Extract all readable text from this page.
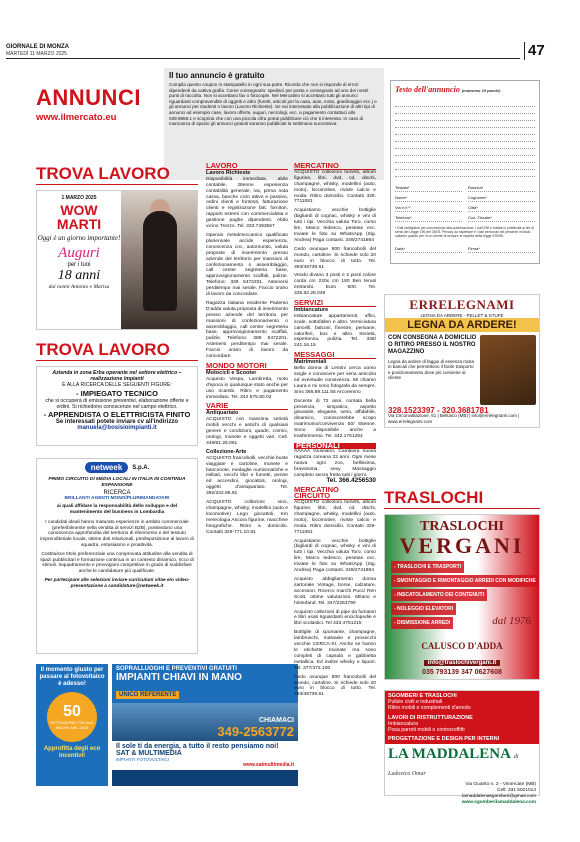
GIORNALE DI MONZA
MARTEDÌ 11 MARZO 2025	47
ANNUNCI
www.ilmercato.eu
Il tuo annuncio è gratuito

Compila questo coupon in stampatello in ogni sua parte. Ricorda che non si risponde di errori dipendenti da cattiva grafia. Come consegnarlo: spedisci per posta o consegnalo ad uno dei nostri punti di raccolta. Non si accettano fax o fotocopie. Nel Mercatino si accettano tutti gli annunci riguardanti compravendite di oggetti e altro (furetti, articoli per la casa, auto, moto, giardinaggio ecc.) e gli annunci per studenti o lavoro (Lavoro Richieste). Se vai interessato alla pubblicazione di altri tipi di annunci ad esempio case, lavoro offerte, auguri, necrologi, ecc. a pagamento contattaci allo 039.9969.1 e scoprirai che con una piccola cifra potrai pubblicare ciò che ti interessa. In caso di mancanza di spazio gli annunci gratuiti saranno pubblicati la settimana successiva.

Testo dell'annuncio (massimo 20 parole)
Testata*	Rubrica*
Nome*	Cognome*
Via e n°*	Città*
Telefono*	Cod. Fiscale*
* Dati obbligatori per concessione alla pubblicazione. I dati ENI e trattati in pubblicità ai fini di sensi dei Legge 196 del 03/03. Privacy da rispettare e i dati personali nel presente modulo soltanto quanto per in un utente di sempre al rispetto della legge 675/96.
Data*	Firma*
TROVA LAVORO
1 MARZO 2025
WOW MARTI
Oggi è un giorno importante!
Auguri
per i tuoi
18 anni
dai nonni Antonio e Marisa
TROVA LAVORO

Azienda in zona Erba operante nel settore elettrico – realizzazione impianti

È ALLA RICERCA DELLE SEGUENTI FIGURE:

- IMPIEGATO TECNICO

che si occuperà di emissione preventivi, elaborazione offerte e ordini. Si richiedono conoscenze nel campo elettrico.

- APPRENDISTA O ELETTRICISTA FINITO

Se interessati potete inviare cv all'indirizzo

manuela@bosisioimpianti.it

netweek	S.p.A.

PRIMO CIRCUITO DI MEDIA LOCALI IN ITALIA IN CONTINUA ESPANSIONE

RICERCA

BRILLANTI AGENTI MONO/PLURIMANDATARI

ai quali affidare la responsabilità dello sviluppo e del mantenimento del business in Lombardia

I candidati ideali hanno maturato esperienze in ambito commerciale (preferibilmente nella vendita di servizi B2B), possiedono una conoscenza approfondita del territorio di riferimento e del tessuto imprenditoriale locale, ottime doti relazionali, predisposizione al lavoro di squadra, entusiasmo e proattività.

Costituisce titolo preferenziale una comprovata attitudine alla vendita di spazi pubblicitari e formazione continua in un contesto dinamico, ricco di stimoli. Inquadramento e provvigioni competitive in grado di soddisfare anche le candidature più qualificate.

Per partecipare alle selezioni inviare curriculum vitae e/o video-presentazione a candidature@netweek.it

Il momento giusto per passare al fotovoltaico è adesso!
50
DETRAZIONE FISCALE ANCHE NEL 2025
Approfitta degli eco incentivi!
SOPRALLUOGHI E PREVENTIVI GRATUITI
IMPIANTI CHIAVI IN MANO
UNICO REFERENTE
CHIAMACI
349-2563772
Il sole ti da energia, a tutto il resto pensiamo noi!
SAT & MULTIMEDIA
IMPIANTI FOTOVOLTAICI
www.satmultimedia.it
LAVORO
Lavoro Richieste

Disponibilità immediata, abile contabile, 28enne esperienza contabilità generale, iva, prima nota cassa, banche ciclo attivo e passivo, ordini clienti e fornitori, fatturazione clienti e registrazione fatt. fornitori, rapporti esterni con commercialista e gestione paghe dipendenti. Abito vicino Trezzo. Tel. 333.7493567

Operaio metalmeccanico qualificato pluriennale accide esperienza, conoscenza cnc, automunito, valuta proposte di inserimento presso aziende del territorio per mansioni di confezionamento o assemblaggio, call center segreteria base, approvvigionamento scaffali, pulizie. Telefono: 339 5472201. Astenersi perditempo mai serale. Faccio orario di lavoro da concordare.

Ragazza italiana residente Pademo D'adda valuta proposta di inserimento presso aziende del territorio per mansioni di confezionamento o assemblaggio, call center segreteria base, approvvigionamento scaffali, pulizie. Telefono: 389 5472201. Astenersi perditempo mai serale. Faccio orario di lavoro da concordare.

MONDO MOTORI
Motocicli e Scooter

Acquisto Vespa, Lambretta, moto d'epoca in qualunque stato anche per uso ricambi. Ritiro e pagamento immediato. Tel. 342 575.80.02

VARIE
Antiquariato

ACQUISTO con massima serietà mobili vecchi e antichi di qualsiasi genere e condizioni, quadri, cornici, orologi, monete e oggetti vari. Cell. 349/61.25.061

Collezione-Arte

ACQUISTO francobolli, vecchie buste viaggiate e cartoline, monete e banconote, medaglie numismatiche e militari, vecchi libri e fumetti, penne ed accendini, giocattoli, orologi, oggetti d'antiquariato. Tel. 392/342.95.91

ACQUISTO collezioni vino, champagne, whisky, modellini (auto e locomotive) Lego giocattoli, Km mereologia Ancora figurine, macchine fotografiche. Ritiro a domicilio. Contatti 329-771.10.81

MERCATINO

ACQUISTO collezioni fumetti, album figurine, libri, dvd, cd, dischi, champagne, whisky, modellini (auto, moto), locomotive, riviste calcio e moda. Ritiro domicilio. Contatti 329. 7711081

Acquistiamo vecchie bottiglie (bigliardi di cognac, whisky e vini di tutti i tipi. Vecchia valuta Toro, corso lire, Marco tedesco, pesetas ecc. Inviate le foto su WhatsApp (Sig. Andrea) Paga contanti. 349/2741864

Cedo ovunque 800 francobolli del mondo, cartoline. Si richiede solo 20 euro in blocco di tutto. Tel. 393/48739.61

Vendo divano 3 posti e 2 posti colore corda cm 220x cm 180 Ben tenuti entrambi. Euro 600. Tel. 335.82.26.049

SERVIZI
Imbiancature

Imbiancature appartamenti, uffici, scale, sottofalleri e altro. Verniciatura cancelli, balconi, finestre, persiane, caloriferi, box e altro. Serietà, esperienza, pulizia. Tel. 338/ 241.16.15

MESSAGGI
Matrimoniali

Bella donna di Lentini cerca uomo single e conoscere per seria amicizia ed eventuale convivenza. Mi chiamo Laura e mi sono fotografa da sempre. Sms 366.89.111.55 Arcoremno

Docente di 72 anni, contata bella presenza, simpatico, aspetto giovanile, elegante, serio, affidabile, dinamico, conoscerebbe scopo matrimonio/convivenza 50/ 65enne. Sono disponibile anche a trasferimento. Tel. 342.1761294

PERSONALI

AAAAA Giussano, Cambiera nuova ragazza coreana 22 anni. Ogni mese nuova ogni zoo, bellissima, bravissima, sexy Massaggio completo senza fretta tutti i giorni.

Tel. 366.4256530

MERCATINO CIRCUITO

ACQUISTO collezioni fumetti, album figurine, libri, dvd, cd, dischi, champagne, whisky, modellini (auto, moto), locomotive, riviste calcio e moda. Ritiro domicilio. Contatti 329- 7711081

Acquistiamo vecchie bottiglie (bigliardi di cognac, whisky e vini di tutti i tipi. Vecchia valuta Toro, corso lire, Marco tedesco, pesetas ecc. Inviate le foto su WhatsApp (Sig. Andrea) Paga contanti. 349/2741864

Acquisto abbigliamento donna sartoriale Vintage, borse, calzature, accessori. Ricerco marchi Pucci Ren Scott, ottime valutazioni. Milano e hinterland. Tel. 347/2263790

Acquisto collezioni di pipe da fumatori e libri usati riguardanti enciclopedie e libri scolastici. Tel 333.4751215

Bottiglie di spumante, champagne, lambruschi, malvasie e prosecchi vecchie CERCA-SI. Anche se hanno le etichette rovinate ma sono completi di capsula e gabbietta metallica. Ed inoltre whisky e liquori. Tel. 377/472.100

Cedo ovunque 800 francobolli del mondo, cartoline. Si richiede solo 20 euro in blocco di tutto. Tel. 393/48739.61

ERRELEGNAMI
LEGNA DA ARDERE - PELLET & STUFE
LEGNA DA ARDERE!
CON CONSEGNA A DOMICILIO O RITIRO PRESSO IL NOSTRO MAGAZZINO
Legna da ardere di faggio di essenza mista in bancali che permettono il facile trasporto e posizionamento dove più conviene al cliente
328.1523397 - 320.3681781
Via Circonvallazione, 61 | Bellusco (MB) | info@errelegnami.com | www.errelegnami.com
TRASLOCHI
TRASLOCHI
VERGANI
- TRASLOCHI E TRASPORTI
- SMONTAGGIO E RIMONTAGGIO ARREDI CON MODIFICHE
- INSCATOLAMENTO DEI CONTENUTI
- NOLEGGIO ELEVATORI
- DISMISSIONE ARREDI	dal 1976
CALUSCO D'ADDA
info@traslochivergani.it
035 793139 347 0627608
SGOMBERI E TRASLOCHI
Pulizie civili e industriali
Ritiro mobili e complementi d'arredo
LAVORI DI RISTRUTTURAZIONE
Imbiancatura
Posa parreti mobili e controsoffitti
PROGETTAZIONE E DESIGN PER INTERNI
LA MADDALENA di Ludovico Omar
Via Guarito n. 2 - Vimercate (MB)
Cell: 331 5021014
lamaddalenasgomberi@gmail.com
www.sgomberilamaddalena.com
